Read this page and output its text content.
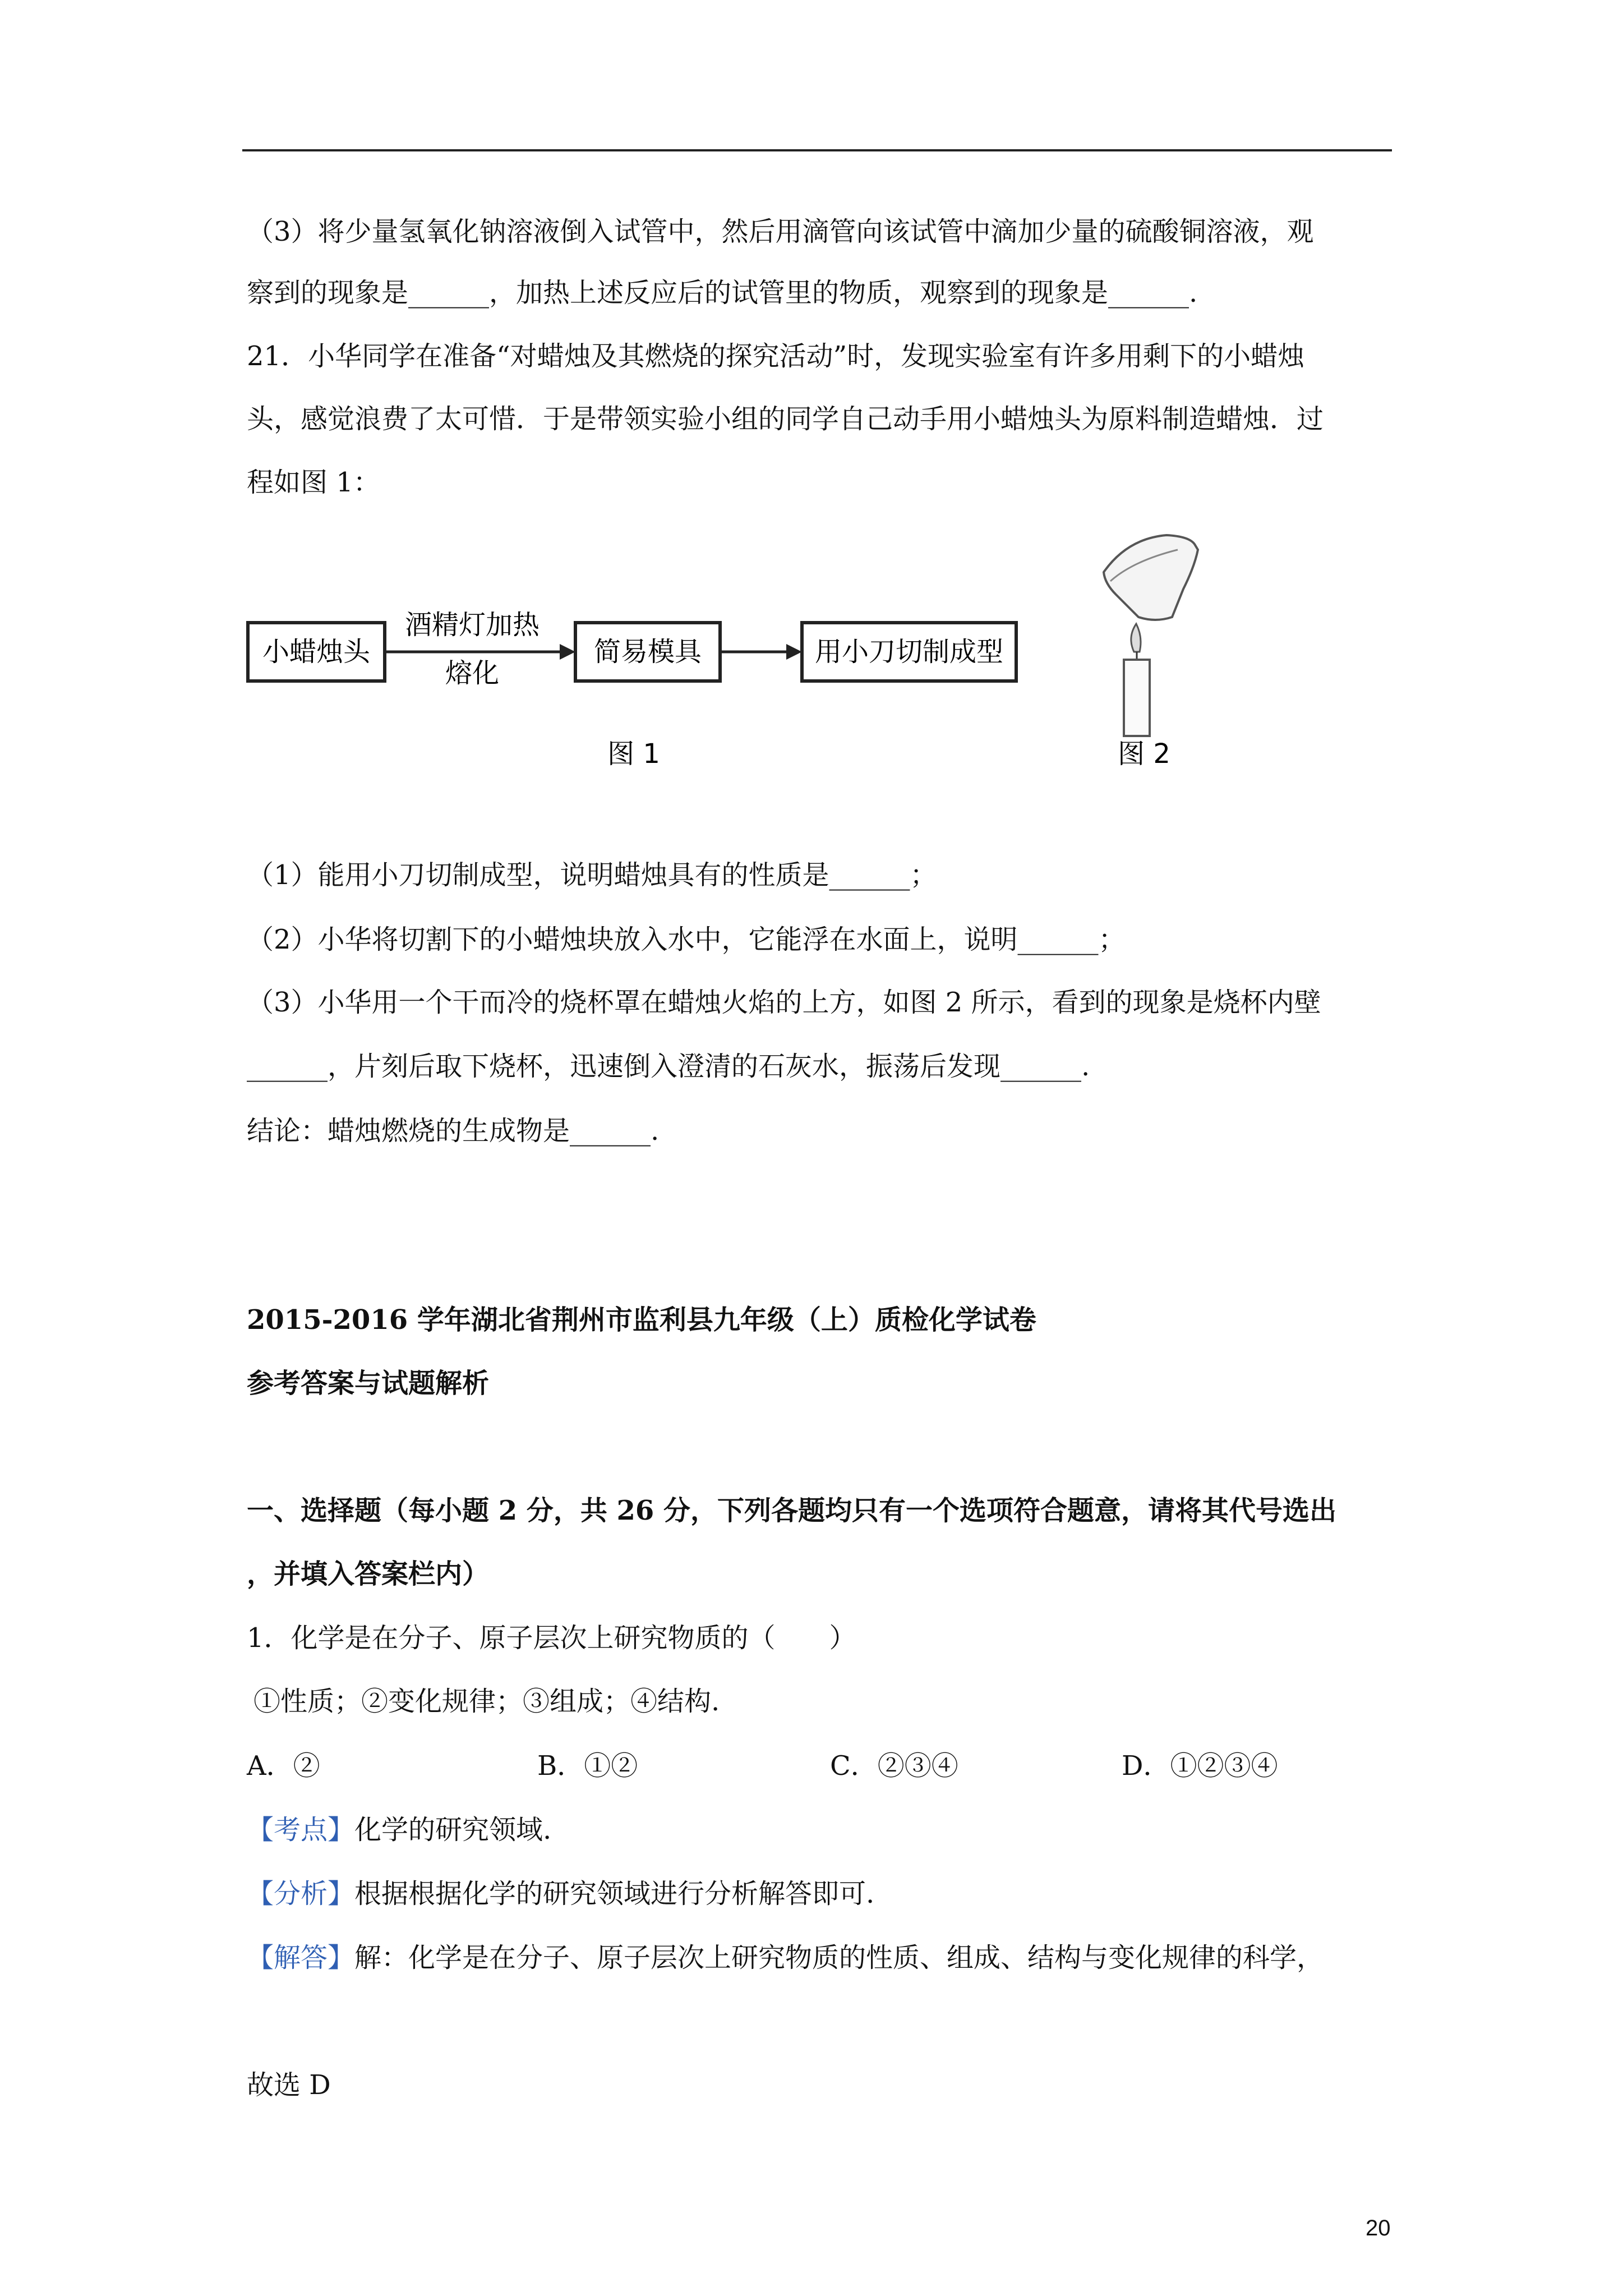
（3）将少量氢氧化钠溶液倒入试管中，然后用滴管向该试管中滴加少量的硫酸铜溶液，观
察到的现象是______，加热上述反应后的试管里的物质，观察到的现象是______.
21．小华同学在准备“对蜡烛及其燃烧的探究活动”时，发现实验室有许多用剩下的小蜡烛
头，感觉浪费了太可惜．于是带领实验小组的同学自己动手用小蜡烛头为原料制造蜡烛．过
程如图 1：
小蜡烛头
酒精灯加热
熔化
简易模具	用小刀切制成型
图 1	图 2
（1）能用小刀切制成型，说明蜡烛具有的性质是______；
（2）小华将切割下的小蜡烛块放入水中，它能浮在水面上，说明______；
（3）小华用一个干而冷的烧杯罩在蜡烛火焰的上方，如图 2 所示，看到的现象是烧杯内壁
______，片刻后取下烧杯，迅速倒入澄清的石灰水，振荡后发现______.
结论：蜡烛燃烧的生成物是______.
2015-2016 学年湖北省荆州市监利县九年级（上）质检化学试卷
参考答案与试题解析
一、选择题（每小题 2 分，共 26 分，下列各题均只有一个选项符合题意，请将其代号选出
，并填入答案栏内）
1．化学是在分子、原子层次上研究物质的（　　）
①性质；②变化规律；③组成；④结构.
A．②	B．①②	C．②③④	D．①②③④
【考点】化学的研究领域.
【分析】根据根据化学的研究领域进行分析解答即可.
【解答】解：化学是在分子、原子层次上研究物质的性质、组成、结构与变化规律的科学，
故选 D
20
